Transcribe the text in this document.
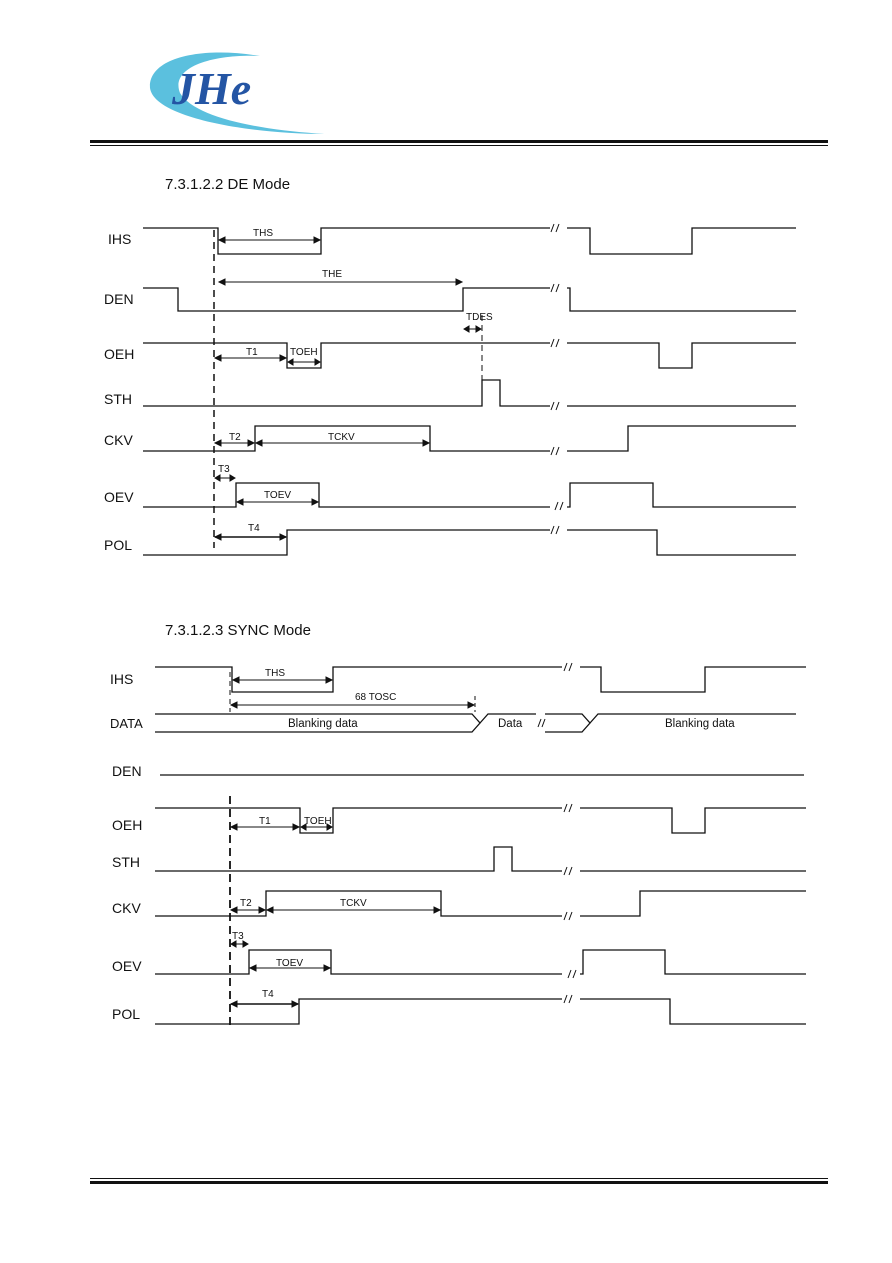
JHe
7.3.1.2.2 DE Mode
IHS
DEN
OEH
STH
CKV
OEV
POL
THS
THE
TDES
T1	TOEH
T2	TCKV
T3
TOEV
T4
7.3.1.2.3 SYNC Mode
IHS
DATA
DEN
OEH
STH
CKV
OEV
POL
THS
68 TOSC
Blanking data	Data	Blanking data
T1	TOEH
T2	TCKV
T3
TOEV
T4
